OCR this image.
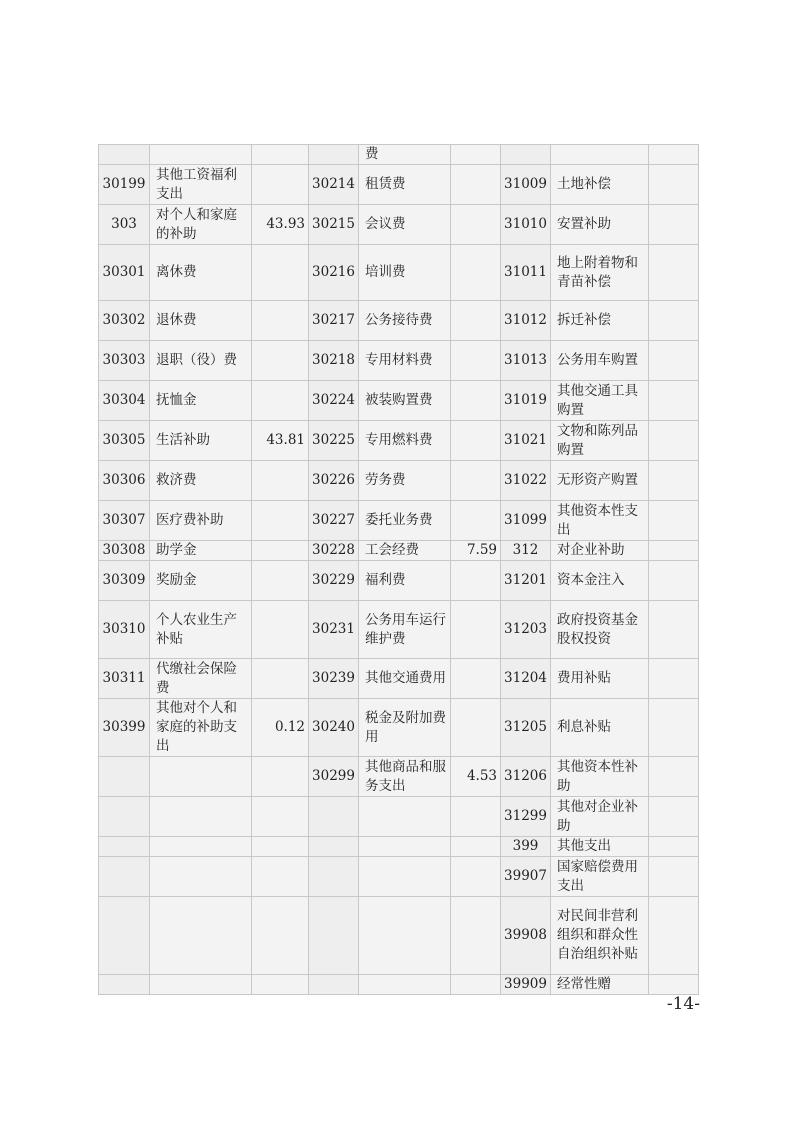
				费					
30199	其他工资福利支出		30214	租赁费		31009	土地补偿		
303	对个人和家庭的补助	43.93	30215	会议费		31010	安置补助		
30301	离休费		30216	培训费		31011	地上附着物和青苗补偿		
30302	退休费		30217	公务接待费		31012	拆迁补偿		
30303	退职（役）费		30218	专用材料费		31013	公务用车购置		
30304	抚恤金		30224	被装购置费		31019	其他交通工具购置		
30305	生活补助	43.81	30225	专用燃料费		31021	文物和陈列品购置		
30306	救济费		30226	劳务费		31022	无形资产购置		
30307	医疗费补助		30227	委托业务费		31099	其他资本性支出		
30308	助学金		30228	工会经费	7.59	312	对企业补助		
30309	奖励金		30229	福利费		31201	资本金注入		
30310	个人农业生产补贴		30231	公务用车运行维护费		31203	政府投资基金股权投资		
30311	代缴社会保险费		30239	其他交通费用		31204	费用补贴		
30399	其他对个人和家庭的补助支出	0.12	30240	税金及附加费用		31205	利息补贴		
			30299	其他商品和服务支出	4.53	31206	其他资本性补助		
						31299	其他对企业补助		
						399	其他支出		
						39907	国家赔偿费用支出		
						39908	对民间非营利组织和群众性自治组织补贴		
						39909	经常性赠		
-14-
